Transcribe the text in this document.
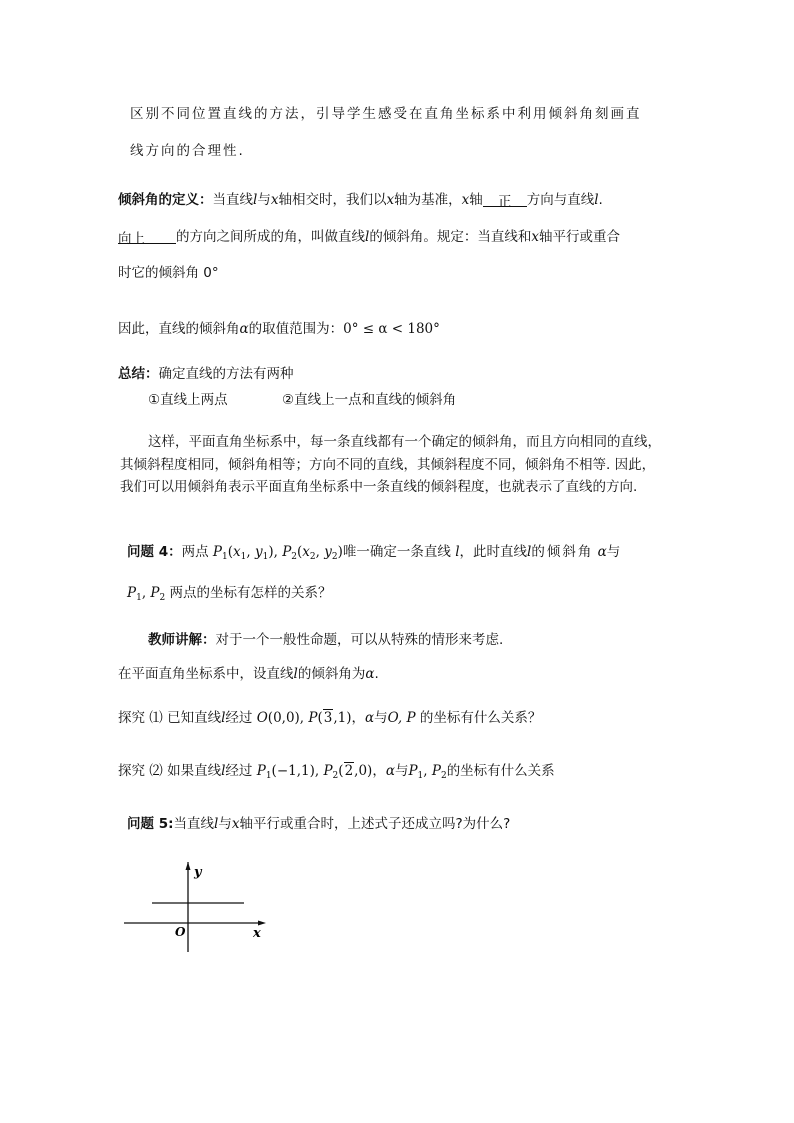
区别不同位置直线的方法，引导学生感受在直角坐标系中利用倾斜角刻画直
线方向的合理性.
倾斜角的定义：当直线l与x轴相交时，我们以x轴为基准，x轴 正 方向与直线l.
向上 的方向之间所成的角，叫做直线l的倾斜角。规定：当直线和x轴平行或重合
时它的倾斜角 0°
因此，直线的倾斜角α的取值范围为：0° ≤ α < 180°
总结：确定直线的方法有两种
①直线上两点	②直线上一点和直线的倾斜角
这样，平面直角坐标系中，每一条直线都有一个确定的倾斜角，而且方向相同的直线，
其倾斜程度相同，倾斜角相等；方向不同的直线，其倾斜程度不同，倾斜角不相等. 因此，
我们可以用倾斜角表示平面直角坐标系中一条直线的倾斜程度，也就表示了直线的方向.
问题 4：两点 $P_1(x_1$, $y_1$), $P_2(x_2$, $y_2$)唯一确定一条直线 l，此时直线l的倾斜角 α与
$P_1$, $P_2$ 两点的坐标有怎样的关系？
教师讲解：对于一个一般性命题，可以从特殊的情形来考虑.
在平面直角坐标系中，设直线l的倾斜角为α.
探究 ⑴ 已知直线l经过 O(0,0), P(3,1)，α与O, P 的坐标有什么关系？
探究 ⑵ 如果直线l经过 $P_1(-1,1)$, $P_2(2,0)$，α与$P_1$, $P_2$的坐标有什么关系
问题 5:当直线l与x轴平行或重合时，上述式子还成立吗?为什么?
y
x
O
